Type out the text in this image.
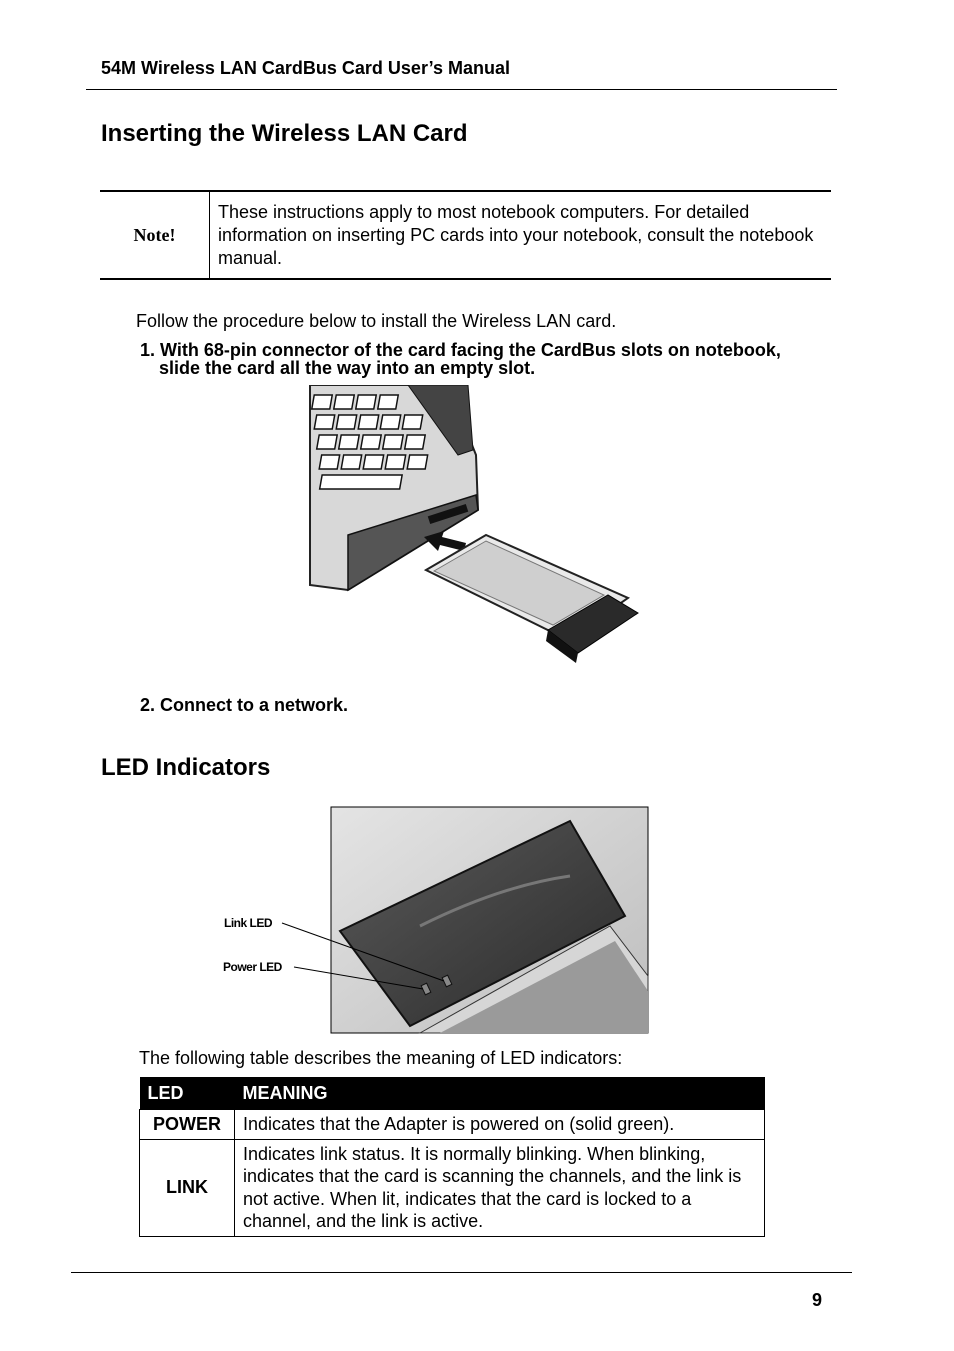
54M Wireless LAN CardBus Card User’s Manual
Inserting the Wireless LAN Card
Note!
These instructions apply to most notebook computers. For detailed information on inserting PC cards into your notebook, consult the notebook manual.
Follow the procedure below to install the Wireless LAN card.
1. With 68-pin connector of the card facing the CardBus slots on notebook,
slide the card all the way into an empty slot.
2. Connect to a network.
LED Indicators
Link LED
Power LED
The following table describes the meaning of LED indicators:
LED	MEANING
POWER	Indicates that the Adapter is powered on (solid green).
LINK	Indicates link status. It is normally blinking. When blinking, indicates that the card is scanning the channels, and the link is not active. When lit, indicates that the card is locked to a channel, and the link is active.
9
